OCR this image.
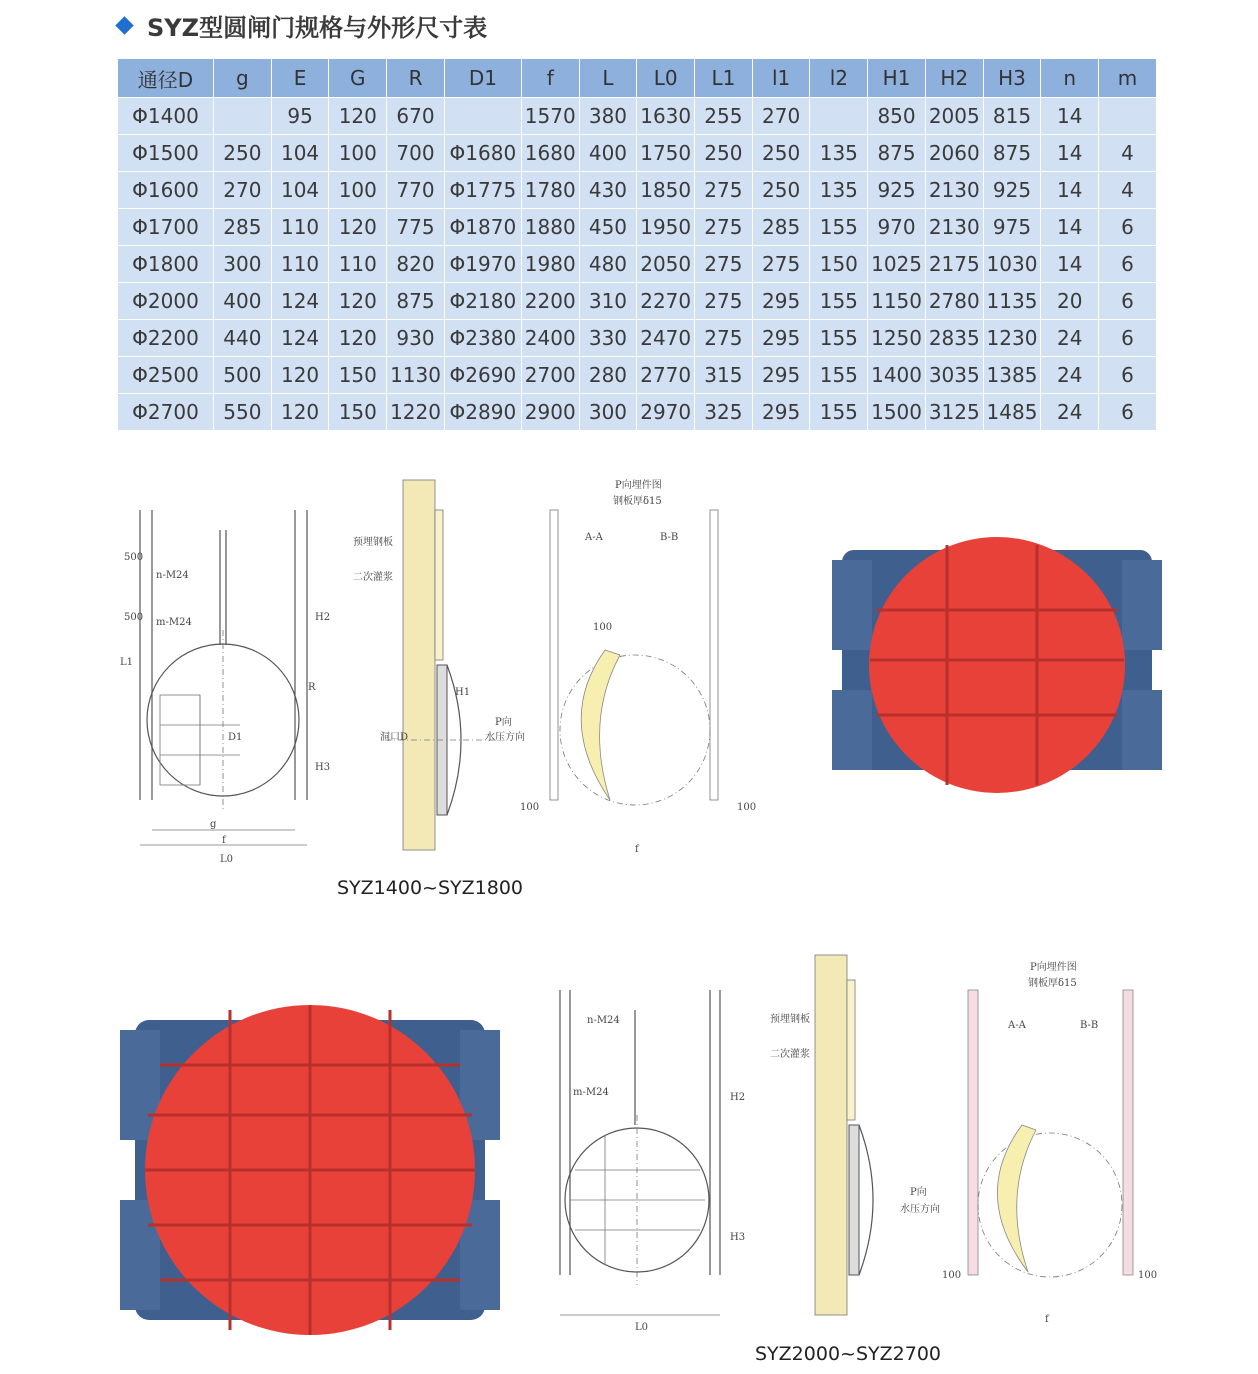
SYZ型圆闸门规格与外形尺寸表
通径D	g	E	G	R	D1	f	L	L0	L1	l1	l2	H1	H2	H3	n	m
Φ1400		95	120	670		1570	380	1630	255	270		850	2005	815	14	
Φ1500	250	104	100	700	Φ1680	1680	400	1750	250	250	135	875	2060	875	14	4
Φ1600	270	104	100	770	Φ1775	1780	430	1850	275	250	135	925	2130	925	14	4
Φ1700	285	110	120	775	Φ1870	1880	450	1950	275	285	155	970	2130	975	14	6
Φ1800	300	110	110	820	Φ1970	1980	480	2050	275	275	150	1025	2175	1030	14	6
Φ2000	400	124	120	875	Φ2180	2200	310	2270	275	295	155	1150	2780	1135	20	6
Φ2200	440	124	120	930	Φ2380	2400	330	2470	275	295	155	1250	2835	1230	24	6
Φ2500	500	120	150	1130	Φ2690	2700	280	2770	315	295	155	1400	3035	1385	24	6
Φ2700	550	120	150	1220	Φ2890	2900	300	2970	325	295	155	1500	3125	1485	24	6
500
500
n-M24
m-M24
L1
H2
H3
R
D1
g
f
L0
预埋钢板
二次灌浆
洞口D
P向
水压方向
H1
P向埋件图
钢板厚δ15
A-A	B-B
100
100	100
f
SYZ1400~SYZ1800
n-M24
m-M24	H2
H3
L0
预埋钢板
二次灌浆
P向
水压方向
P向埋件图
钢板厚δ15
A-A	B-B
100	100
f
SYZ2000~SYZ2700
